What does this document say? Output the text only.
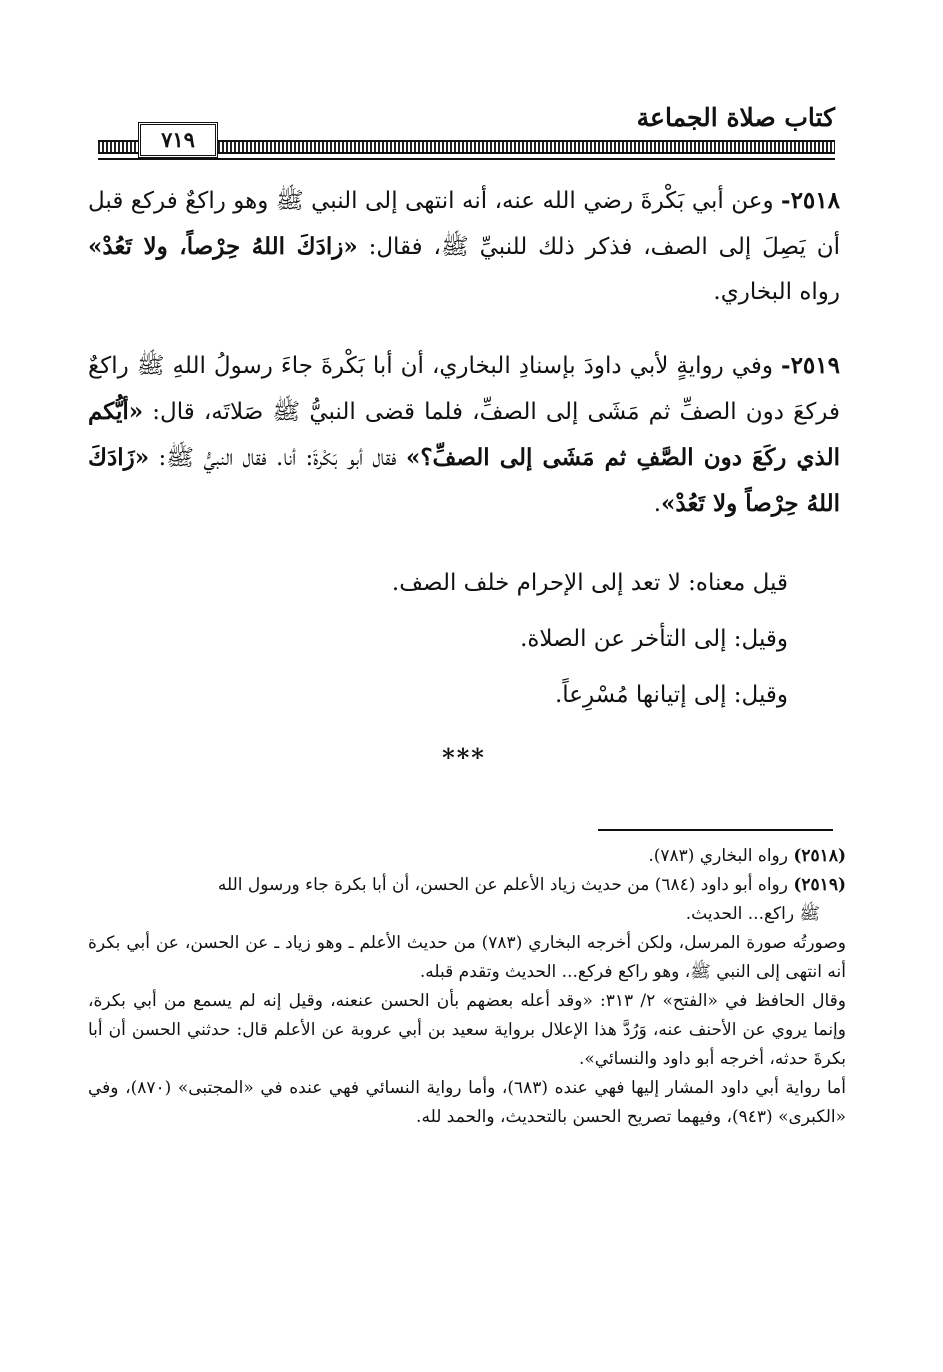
كتاب صلاة الجماعة
٧١٩

٢٥١٨- وعن أبي بَكْرةَ رضي الله عنه، أنه انتهى إلى النبي ﷺ وهو راكعٌ فركع قبل أن يَصِلَ إلى الصف، فذكر ذلك للنبيِّ ﷺ، فقال: «زادَكَ اللهُ حِرْصاً، ولا تَعُدْ» رواه البخاري.

٢٥١٩- وفي روايةٍ لأبي داودَ بإسنادِ البخاري، أن أبا بَكْرةَ جاءَ رسولُ اللهِ ﷺ راكعٌ فركعَ دون الصفِّ ثم مَشَى إلى الصفِّ، فلما قضى النبيُّ ﷺ صَلاتَه، قال: «أيُّكم الذي ركَعَ دون الصَّفِ ثم مَشَى إلى الصفِّ؟» فقال أبو بَكْرةَ: أنا. فقال النبيُّ ﷺ: «زَادَكَ اللهُ حِرْصاً ولا تَعُدْ».

قيل معناه: لا تعد إلى الإحرام خلف الصف.

وقيل: إلى التأخر عن الصلاة.

وقيل: إلى إتيانها مُسْرِعاً.

***

(٢٥١٨) رواه البخاري (٧٨٣).

(٢٥١٩) رواه أبو داود (٦٨٤) من حديث زياد الأعلم عن الحسن، أن أبا بكرة جاء ورسول الله

ﷺ راكع... الحديث.

وصورتُه صورة المرسل، ولكن أخرجه البخاري (٧٨٣) من حديث الأعلم ـ وهو زياد ـ عن الحسن، عن أبي بكرة أنه انتهى إلى النبي ﷺ، وهو راكع فركع... الحديث وتقدم قبله.

وقال الحافظ في «الفتح» ٢/ ٣١٣: «وقد أعله بعضهم بأن الحسن عنعنه، وقيل إنه لم يسمع من أبي بكرة، وإنما يروي عن الأحنف عنه، وَرُدَّ هذا الإعلال برواية سعيد بن أبي عروبة عن الأعلم قال: حدثني الحسن أن أبا بكرةَ حدثه، أخرجه أبو داود والنسائي».

أما رواية أبي داود المشار إليها فهي عنده (٦٨٣)، وأما رواية النسائي فهي عنده في «المجتبى» (٨٧٠)، وفي «الكبرى» (٩٤٣)، وفيهما تصريح الحسن بالتحديث، والحمد لله.
